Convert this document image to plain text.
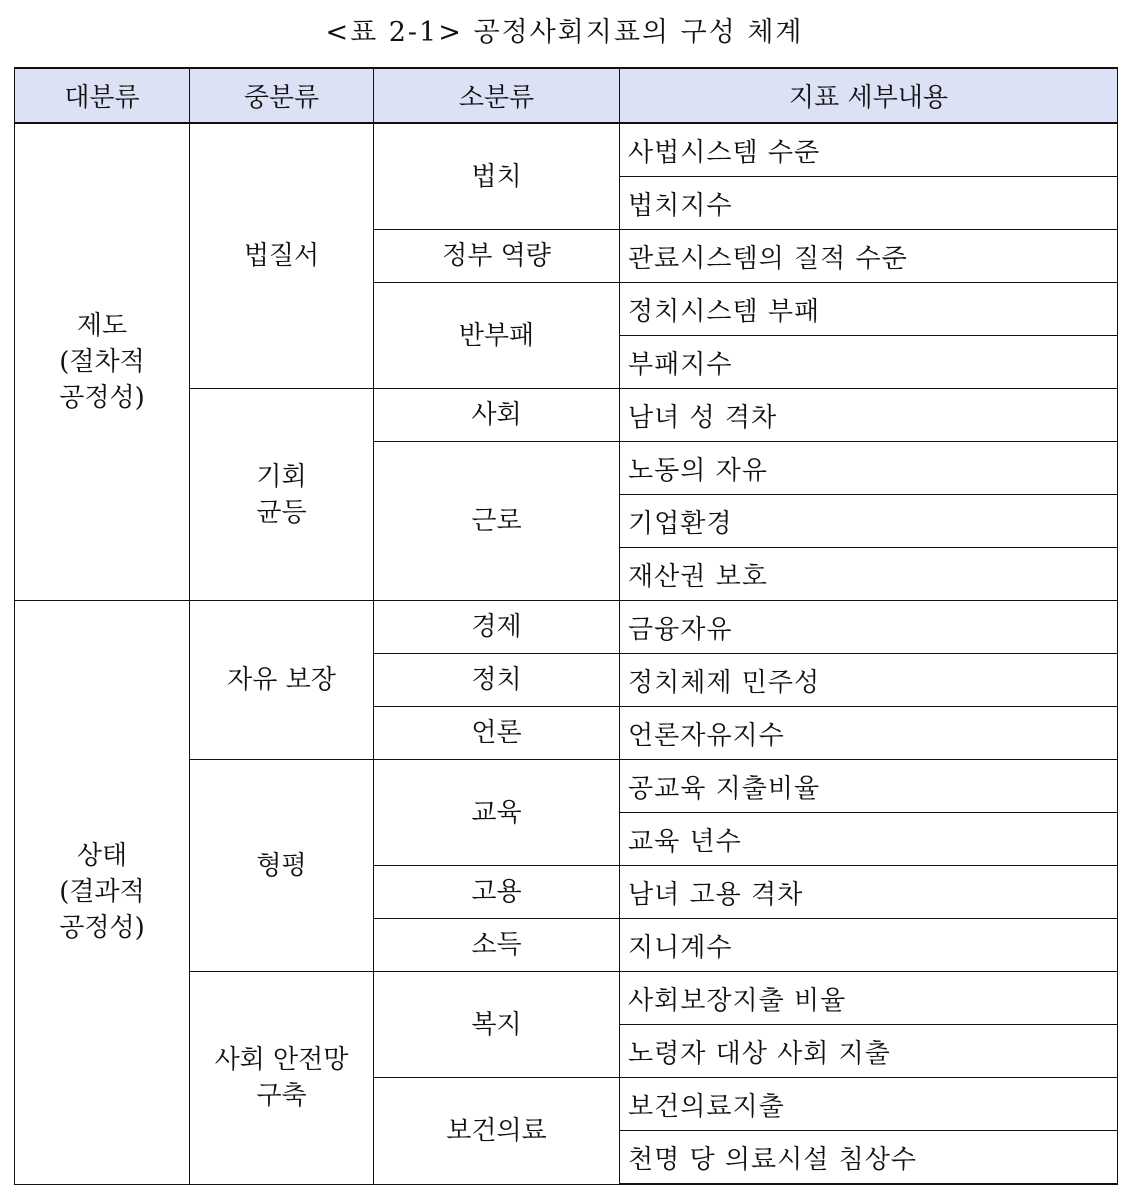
<표 2-1> 공정사회지표의 구성 체계
대분류	중분류	소분류	지표 세부내용

제도
(절차적
공정성)	법질서	법치	사법시스템 수준
			법치지수
		정부 역량	관료시스템의 질적 수준
		반부패	정치시스템 부패
			부패지수

	기회
균등	사회	남녀 성 격차
		근로	노동의 자유
			기업환경
			재산권 보호

상태
(결과적
공정성)	자유 보장	경제	금융자유
		정치	정치체제 민주성
		언론	언론자유지수
	형평	교육	공교육 지출비율
			교육 년수
		고용	남녀 고용 격차
		소득	지니계수

	사회 안전망
구축	복지	사회보장지출 비율
			노령자 대상 사회 지출
		보건의료	보건의료지출
			천명 당 의료시설 침상수
